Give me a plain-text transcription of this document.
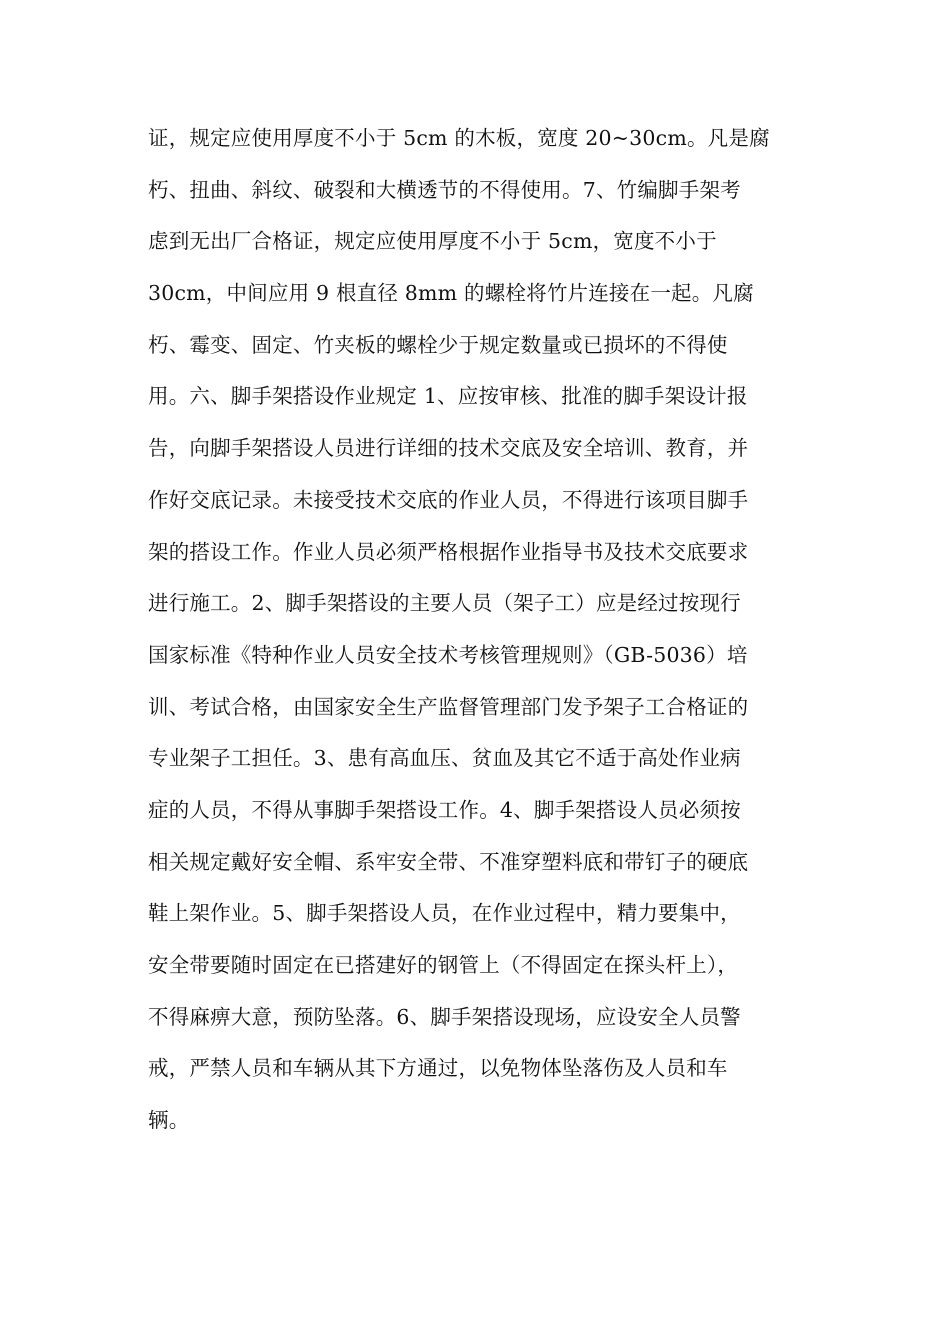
证，规定应使用厚度不小于 5cm 的木板，宽度 20~30cm。凡是腐
朽、扭曲、斜纹、破裂和大横透节的不得使用。7、竹编脚手架考
虑到无出厂合格证，规定应使用厚度不小于 5cm，宽度不小于
30cm，中间应用 9 根直径 8mm 的螺栓将竹片连接在一起。凡腐
朽、霉变、固定、竹夹板的螺栓少于规定数量或已损坏的不得使
用。六、脚手架搭设作业规定 1、应按审核、批准的脚手架设计报
告，向脚手架搭设人员进行详细的技术交底及安全培训、教育，并
作好交底记录。未接受技术交底的作业人员，不得进行该项目脚手
架的搭设工作。作业人员必须严格根据作业指导书及技术交底要求
进行施工。2、脚手架搭设的主要人员（架子工）应是经过按现行
国家标准《特种作业人员安全技术考核管理规则》（GB-5036）培
训、考试合格，由国家安全生产监督管理部门发予架子工合格证的
专业架子工担任。3、患有高血压、贫血及其它不适于高处作业病
症的人员，不得从事脚手架搭设工作。4、脚手架搭设人员必须按
相关规定戴好安全帽、系牢安全带、不准穿塑料底和带钉子的硬底
鞋上架作业。5、脚手架搭设人员，在作业过程中，精力要集中，
安全带要随时固定在已搭建好的钢管上（不得固定在探头杆上），
不得麻痹大意，预防坠落。6、脚手架搭设现场，应设安全人员警
戒，严禁人员和车辆从其下方通过，以免物体坠落伤及人员和车
辆。
